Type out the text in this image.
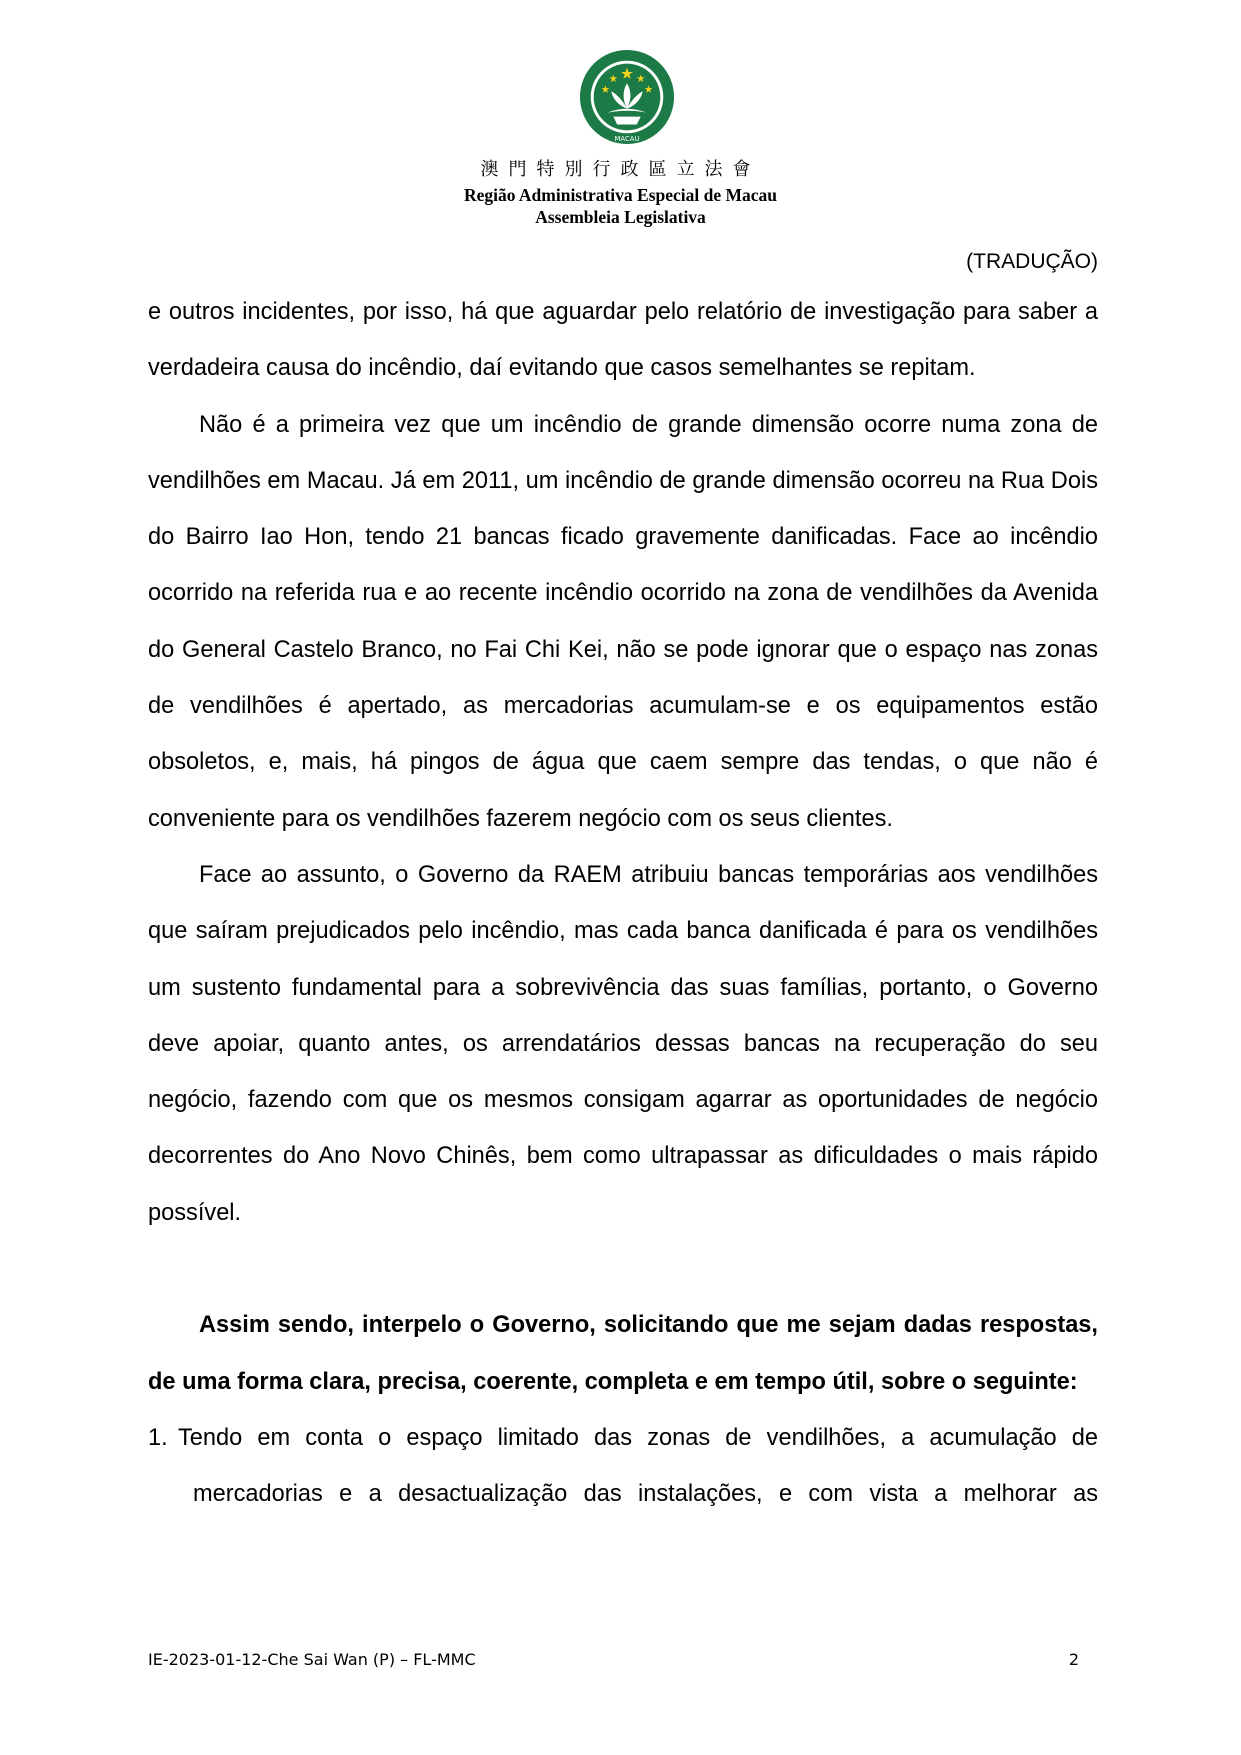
MACAU
澳門特別行政區立法會
Região Administrativa Especial de Macau
Assembleia Legislativa
(TRADUÇÃO)

e outros incidentes, por isso, há que aguardar pelo relatório de investigação para saber a verdadeira causa do incêndio, daí evitando que casos semelhantes se repitam.

Não é a primeira vez que um incêndio de grande dimensão ocorre numa zona de vendilhões em Macau. Já em 2011, um incêndio de grande dimensão ocorreu na Rua Dois do Bairro Iao Hon, tendo 21 bancas ficado gravemente danificadas. Face ao incêndio ocorrido na referida rua e ao recente incêndio ocorrido na zona de vendilhões da Avenida do General Castelo Branco, no Fai Chi Kei, não se pode ignorar que o espaço nas zonas de vendilhões é apertado, as mercadorias acumulam-se e os equipamentos estão obsoletos, e, mais, há pingos de água que caem sempre das tendas, o que não é conveniente para os vendilhões fazerem negócio com os seus clientes.

Face ao assunto, o Governo da RAEM atribuiu bancas temporárias aos vendilhões que saíram prejudicados pelo incêndio, mas cada banca danificada é para os vendilhões um sustento fundamental para a sobrevivência das suas famílias, portanto, o Governo deve apoiar, quanto antes, os arrendatários dessas bancas na recuperação do seu negócio, fazendo com que os mesmos consigam agarrar as oportunidades de negócio decorrentes do Ano Novo Chinês, bem como ultrapassar as dificuldades o mais rápido possível.

Assim sendo, interpelo o Governo, solicitando que me sejam dadas respostas, de uma forma clara, precisa, coerente, completa e em tempo útil, sobre o seguinte:

1. Tendo em conta o espaço limitado das zonas de vendilhões, a acumulação de

mercadorias e a desactualização das instalações, e com vista a melhorar as

IE-2023-01-12-Che Sai Wan (P) – FL-MMC	2
